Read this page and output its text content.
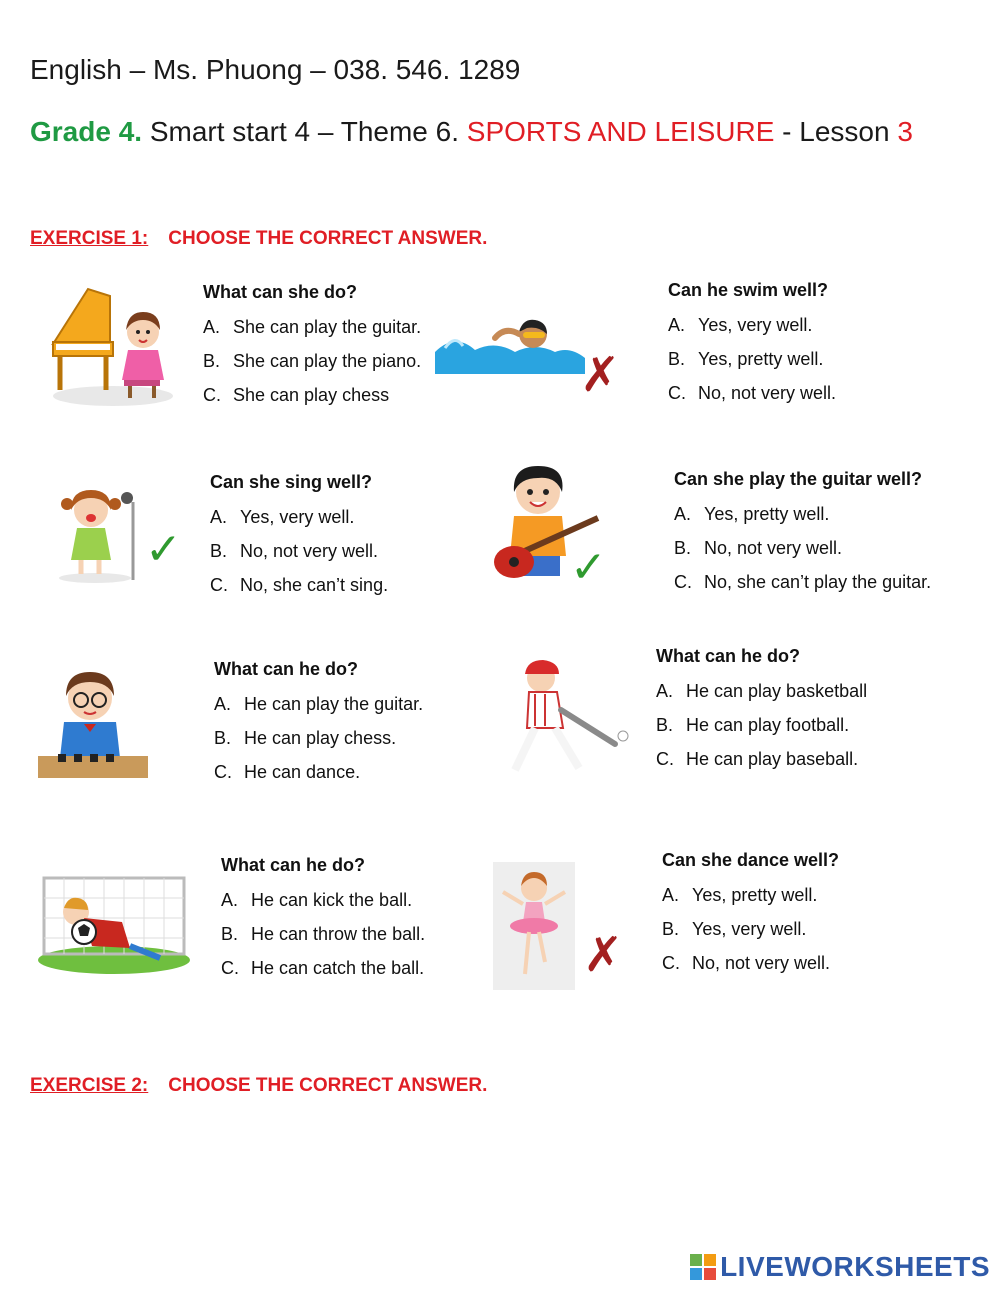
English – Ms. Phuong – 038. 546. 1289
Grade 4. Smart start 4 – Theme 6. SPORTS AND LEISURE - Lesson 3
EXERCISE 1: CHOOSE THE CORRECT ANSWER.
What can she do?
A. She can play the guitar.
B. She can play the piano.
C. She can play chess	✗
Can he swim well?
A. Yes, very well.
B. Yes, pretty well.
C. No, not very well.
✓
Can she sing well?
A. Yes, very well.
B. No, not very well.
C. No, she can’t sing.	✓
Can she play the guitar well?
A. Yes, pretty well.
B. No, not very well.
C. No, she can’t play the guitar.
What can he do?
A. He can play the guitar.
B. He can play chess.
C. He can dance.
What can he do?
A. He can play basketball
B. He can play football.
C. He can play baseball.
What can he do?
A. He can kick the ball.
B. He can throw the ball.
C. He can catch the ball.	✗
Can she dance well?
A. Yes, pretty well.
B. Yes, very well.
C. No, not very well.
EXERCISE 2: CHOOSE THE CORRECT ANSWER.
LIVEWORKSHEETS
